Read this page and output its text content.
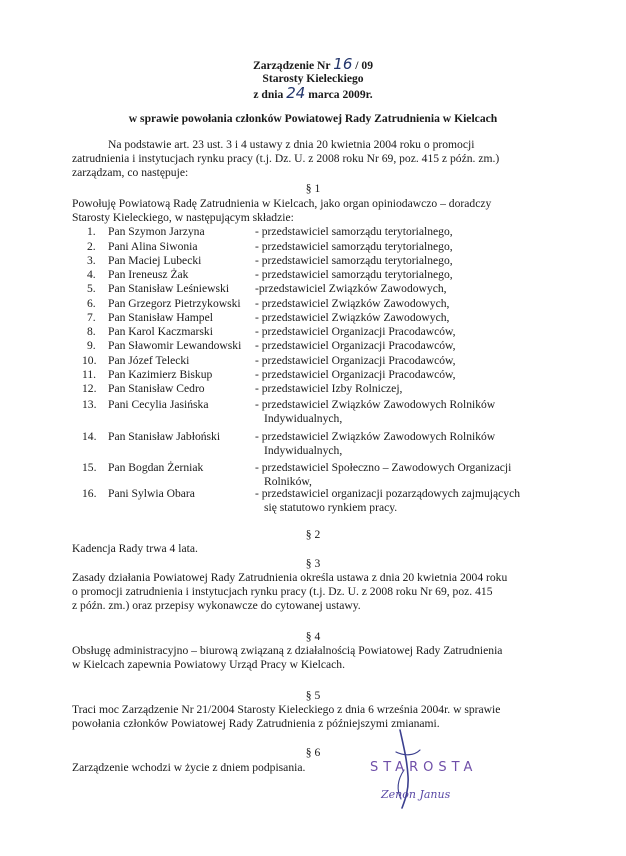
Zarządzenie Nr 16 / 09
Starosty Kieleckiego
z dnia 24 marca 2009r.
w sprawie powołania członków Powiatowej Rady Zatrudnienia w Kielcach
Na podstawie art. 23 ust. 3 i 4 ustawy z dnia 20 kwietnia 2004 roku o promocji
zatrudnienia i instytucjach rynku pracy (t.j. Dz. U. z 2008 roku Nr 69, poz. 415 z późn. zm.)
zarządzam, co następuje:
§ 1
Powołuję Powiatową Radę Zatrudnienia w Kielcach, jako organ opiniodawczo – doradczy
Starosty Kieleckiego, w następującym składzie:
1. Pan Szymon Jarzyna	- przedstawiciel samorządu terytorialnego,
2. Pani Alina Siwonia	- przedstawiciel samorządu terytorialnego,
3. Pan Maciej Lubecki	- przedstawiciel samorządu terytorialnego,
4. Pan Ireneusz Żak	- przedstawiciel samorządu terytorialnego,
5. Pan Stanisław Leśniewski -przedstawiciel Związków Zawodowych,
6. Pan Grzegorz Pietrzykowski - przedstawiciel Związków Zawodowych,
7. Pan Stanisław Hampel	- przedstawiciel Związków Zawodowych,
8. Pan Karol Kaczmarski	- przedstawiciel Organizacji Pracodawców,
9. Pan Sławomir Lewandowski - przedstawiciel Organizacji Pracodawców,
10. Pan Józef Telecki	- przedstawiciel Organizacji Pracodawców,
11. Pan Kazimierz Biskup	- przedstawiciel Organizacji Pracodawców,
12. Pan Stanisław Cedro	- przedstawiciel Izby Rolniczej,
13. Pani Cecylia Jasińska	- przedstawiciel Związków Zawodowych Rolników
Indywidualnych,
14. Pan Stanisław Jabłoński	- przedstawiciel Związków Zawodowych Rolników
Indywidualnych,
15. Pan Bogdan Żerniak	- przedstawiciel Społeczno – Zawodowych Organizacji
Rolników,
16. Pani Sylwia Obara	- przedstawiciel organizacji pozarządowych zajmujących
się statutowo rynkiem pracy.
§ 2
Kadencja Rady trwa 4 lata.
§ 3
Zasady działania Powiatowej Rady Zatrudnienia określa ustawa z dnia 20 kwietnia 2004 roku
o promocji zatrudnienia i instytucjach rynku pracy (t.j. Dz. U. z 2008 roku Nr 69, poz. 415
z późn. zm.) oraz przepisy wykonawcze do cytowanej ustawy.
§ 4
Obsługę administracyjno – biurową związaną z działalnością Powiatowej Rady Zatrudnienia
w Kielcach zapewnia Powiatowy Urząd Pracy w Kielcach.
§ 5
Traci moc Zarządzenie Nr 21/2004 Starosty Kieleckiego z dnia 6 września 2004r. w sprawie
powołania członków Powiatowej Rady Zatrudnienia z późniejszymi zmianami.
§ 6
Zarządzenie wchodzi w życie z dniem podpisania.	STAROSTA
Zenon Janus
